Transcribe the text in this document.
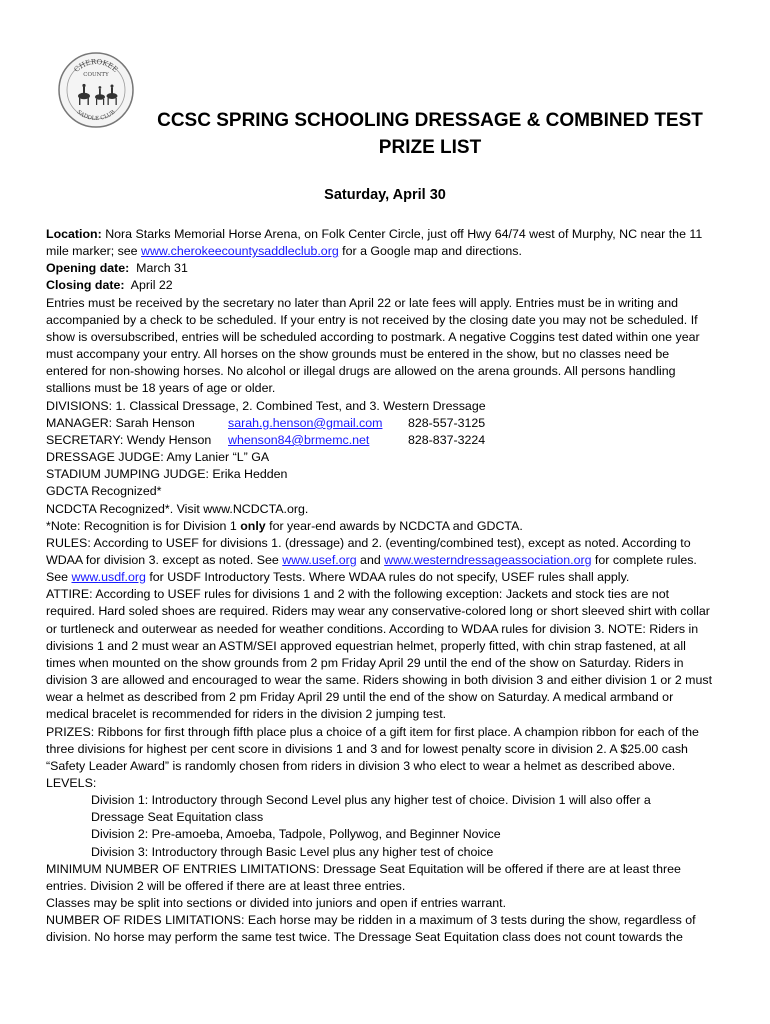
CHEROKEE
COUNTY
SADDLE CLUB	CCSC SPRING SCHOOLING DRESSAGE & COMBINED TEST
PRIZE LIST
Saturday, April 30

Location: Nora Starks Memorial Horse Arena, on Folk Center Circle, just off Hwy 64/74 west of Murphy, NC near the 11

mile marker; see www.cherokeecountysaddleclub.org for a Google map and directions.

Opening date:  March 31

Closing date:  April 22

Entries must be received by the secretary no later than April 22 or late fees will apply. Entries must be in writing and

accompanied by a check to be scheduled. If your entry is not received by the closing date you may not be scheduled. If

show is oversubscribed, entries will be scheduled according to postmark. A negative Coggins test dated within one year

must accompany your entry. All horses on the show grounds must be entered in the show, but no classes need be

entered for non-showing horses. No alcohol or illegal drugs are allowed on the arena grounds. All persons handling

stallions must be 18 years of age or older.

DIVISIONS: 1. Classical Dressage, 2. Combined Test, and 3. Western Dressage

MANAGER: Sarah Henson	sarah.g.henson@gmail.com 828-557-3125

SECRETARY: Wendy Henson whenson84@brmemc.net	828-837-3224

DRESSAGE JUDGE: Amy Lanier “L” GA

STADIUM JUMPING JUDGE: Erika Hedden

GDCTA Recognized*

NCDCTA Recognized*. Visit www.NCDCTA.org.

*Note: Recognition is for Division 1 only for year-end awards by NCDCTA and GDCTA.

RULES: According to USEF for divisions 1. (dressage) and 2. (eventing/combined test), except as noted. According to

WDAA for division 3. except as noted. See www.usef.org and www.westerndressageassociation.org for complete rules.

See www.usdf.org for USDF Introductory Tests. Where WDAA rules do not specify, USEF rules shall apply.

ATTIRE: According to USEF rules for divisions 1 and 2 with the following exception: Jackets and stock ties are not

required. Hard soled shoes are required. Riders may wear any conservative-colored long or short sleeved shirt with collar

or turtleneck and outerwear as needed for weather conditions. According to WDAA rules for division 3. NOTE: Riders in

divisions 1 and 2 must wear an ASTM/SEI approved equestrian helmet, properly fitted, with chin strap fastened, at all

times when mounted on the show grounds from 2 pm Friday April 29 until the end of the show on Saturday. Riders in

division 3 are allowed and encouraged to wear the same. Riders showing in both division 3 and either division 1 or 2 must

wear a helmet as described from 2 pm Friday April 29 until the end of the show on Saturday. A medical armband or

medical bracelet is recommended for riders in the division 2 jumping test.

PRIZES: Ribbons for first through fifth place plus a choice of a gift item for first place. A champion ribbon for each of the

three divisions for highest per cent score in divisions 1 and 3 and for lowest penalty score in division 2. A $25.00 cash

“Safety Leader Award” is randomly chosen from riders in division 3 who elect to wear a helmet as described above.

LEVELS:

Division 1: Introductory through Second Level plus any higher test of choice. Division 1 will also offer a

Dressage Seat Equitation class

Division 2: Pre-amoeba, Amoeba, Tadpole, Pollywog, and Beginner Novice

Division 3: Introductory through Basic Level plus any higher test of choice

MINIMUM NUMBER OF ENTRIES LIMITATIONS: Dressage Seat Equitation will be offered if there are at least three

entries. Division 2 will be offered if there are at least three entries.

Classes may be split into sections or divided into juniors and open if entries warrant.

NUMBER OF RIDES LIMITATIONS: Each horse may be ridden in a maximum of 3 tests during the show, regardless of

division. No horse may perform the same test twice. The Dressage Seat Equitation class does not count towards the
